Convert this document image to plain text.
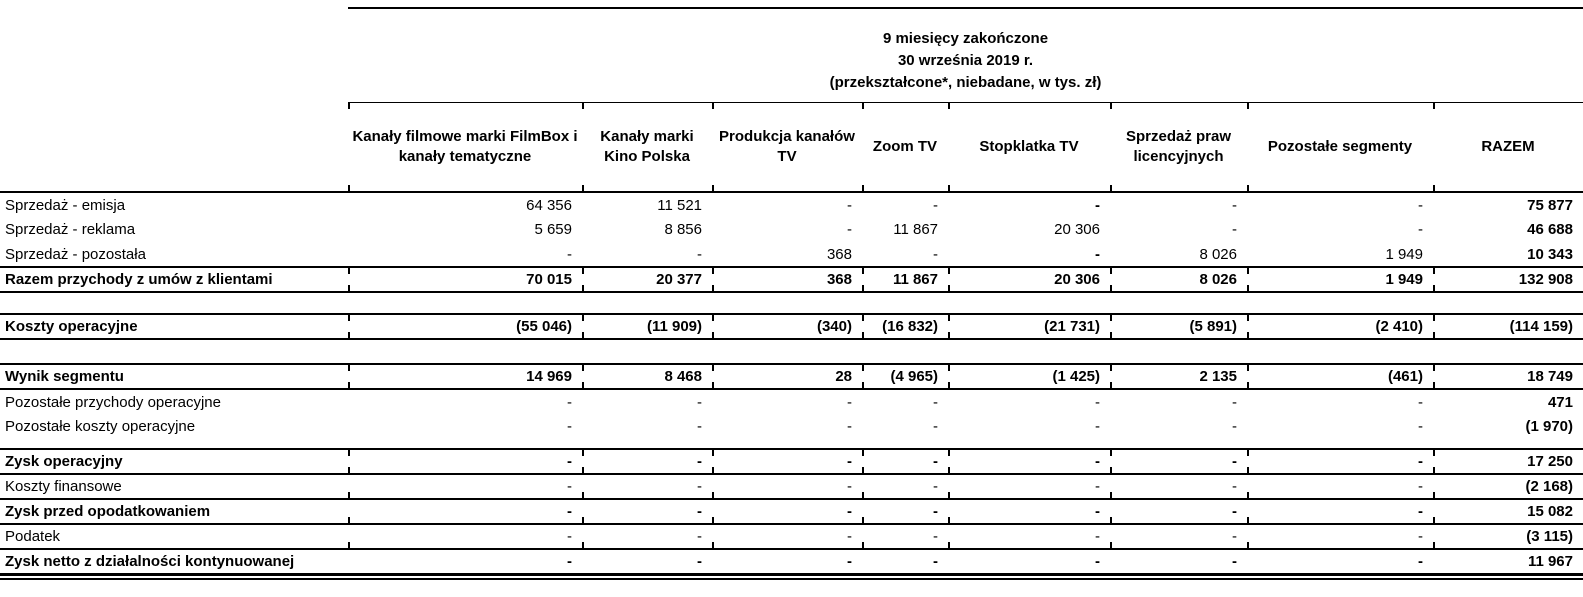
	9 miesięcy zakończone
30 września 2019 r.
(przekształcone*, niebadane, w tys. zł)							

	Kanały filmowe marki FilmBox i kanały tematyczne	Kanały marki Kino Polska	Produkcja kanałów TV	Zoom TV	Stopklatka TV	Sprzedaż praw licencyjnych	Pozostałe segmenty	RAZEM
Sprzedaż - emisja	64 356	11 521	-	-	-	-	-	75 877
Sprzedaż - reklama	5 659	8 856	-	11 867	20 306	-	-	46 688
Sprzedaż - pozostała	-	-	368	-	-	8 026	1 949	10 343
Razem przychody z umów z klientami	70 015	20 377	368	11 867	20 306	8 026	1 949	132 908

Koszty operacyjne	(55 046)	(11 909)	(340)	(16 832)	(21 731)	(5 891)	(2 410)	(114 159)

Wynik segmentu	14 969	8 468	28	(4 965)	(1 425)	2 135	(461)	18 749
Pozostałe przychody operacyjne	-	-	-	-	-	-	-	471
Pozostałe koszty operacyjne	-	-	-	-	-	-	-	(1 970)

Zysk operacyjny	-	-	-	-	-	-	-	17 250
Koszty finansowe	-	-	-	-	-	-	-	(2 168)
Zysk przed opodatkowaniem	-	-	-	-	-	-	-	15 082
Podatek	-	-	-	-	-	-	-	(3 115)
Zysk netto z działalności kontynuowanej	-	-	-	-	-	-	-	11 967
